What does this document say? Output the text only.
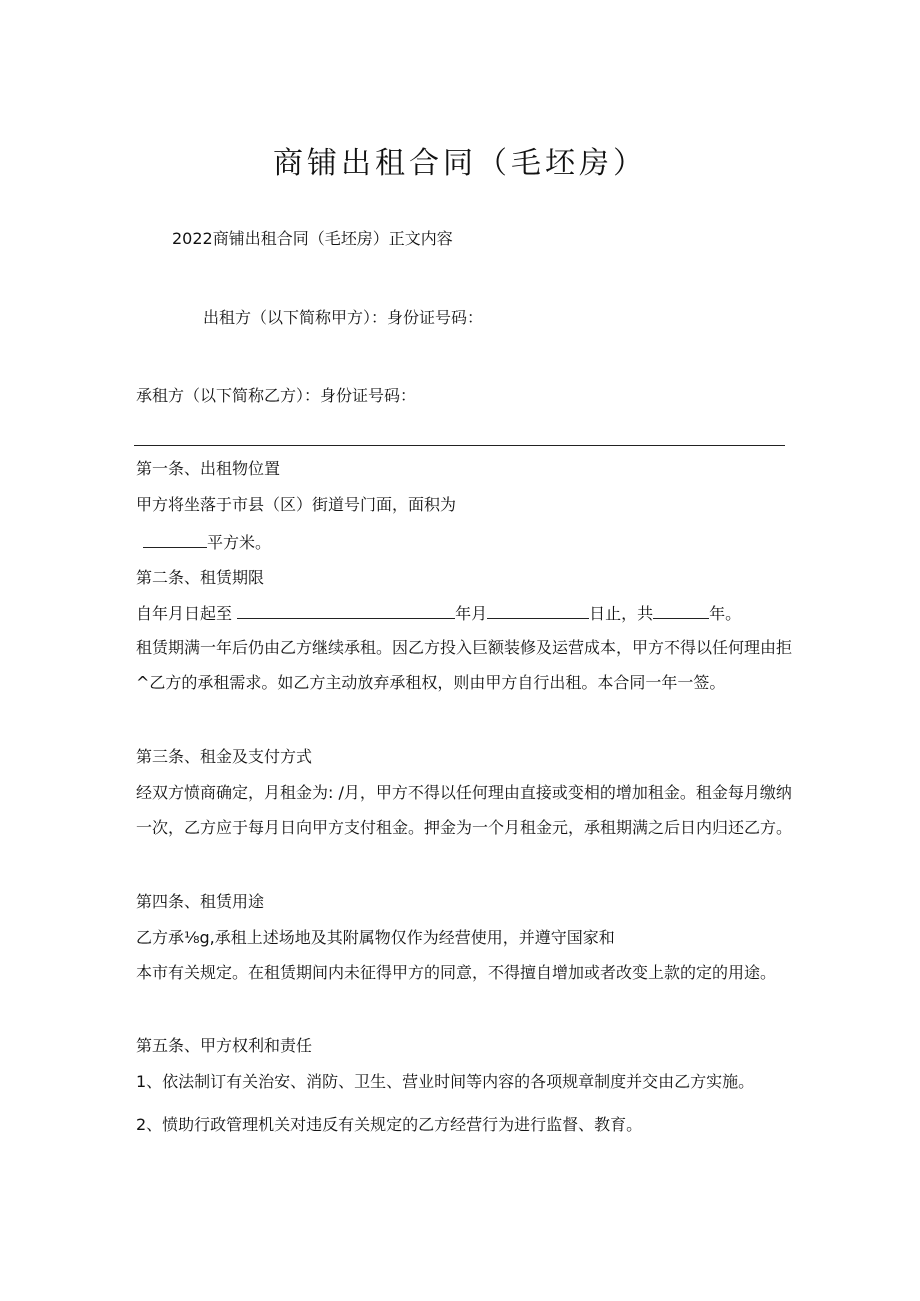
商铺出租合同（毛坯房）
2022商铺出租合同（毛坯房）正文内容
出租方（以下简称甲方）：身份证号码：
承租方（以下简称乙方）：身份证号码：
第一条、出租物位置
甲方将坐落于市县（区）街道号门面，面积为
平方米。
第二条、租赁期限
自年月日起至	年月	日止，共	年。

租赁期满一年后仍由乙方继续承租。因乙方投入巨额装修及运营成本，甲方不得以任何理由拒^乙方的承租需求。如乙方主动放弃承租权，则由甲方自行出租。本合同一年一签。

第三条、租金及支付方式

经双方愤商确定，月租金为: /月，甲方不得以任何理由直接或变相的增加租金。租金每月缴纳一次，乙方应于每月日向甲方支付租金。押金为一个月租金元，承租期满之后日内归还乙方。

第四条、租赁用途
乙方承⅛g,承租上述场地及其附属物仅作为经营使用，并遵守国家和

本市有关规定。在租赁期间内未征得甲方的同意，不得擅自增加或者改变上款的定的用途。

第五条、甲方权利和责任
1、依法制订有关治安、消防、卫生、营业时间等内容的各项规章制度并交由乙方实施。
2、愤助行政管理机关对违反有关规定的乙方经营行为进行监督、教育。
